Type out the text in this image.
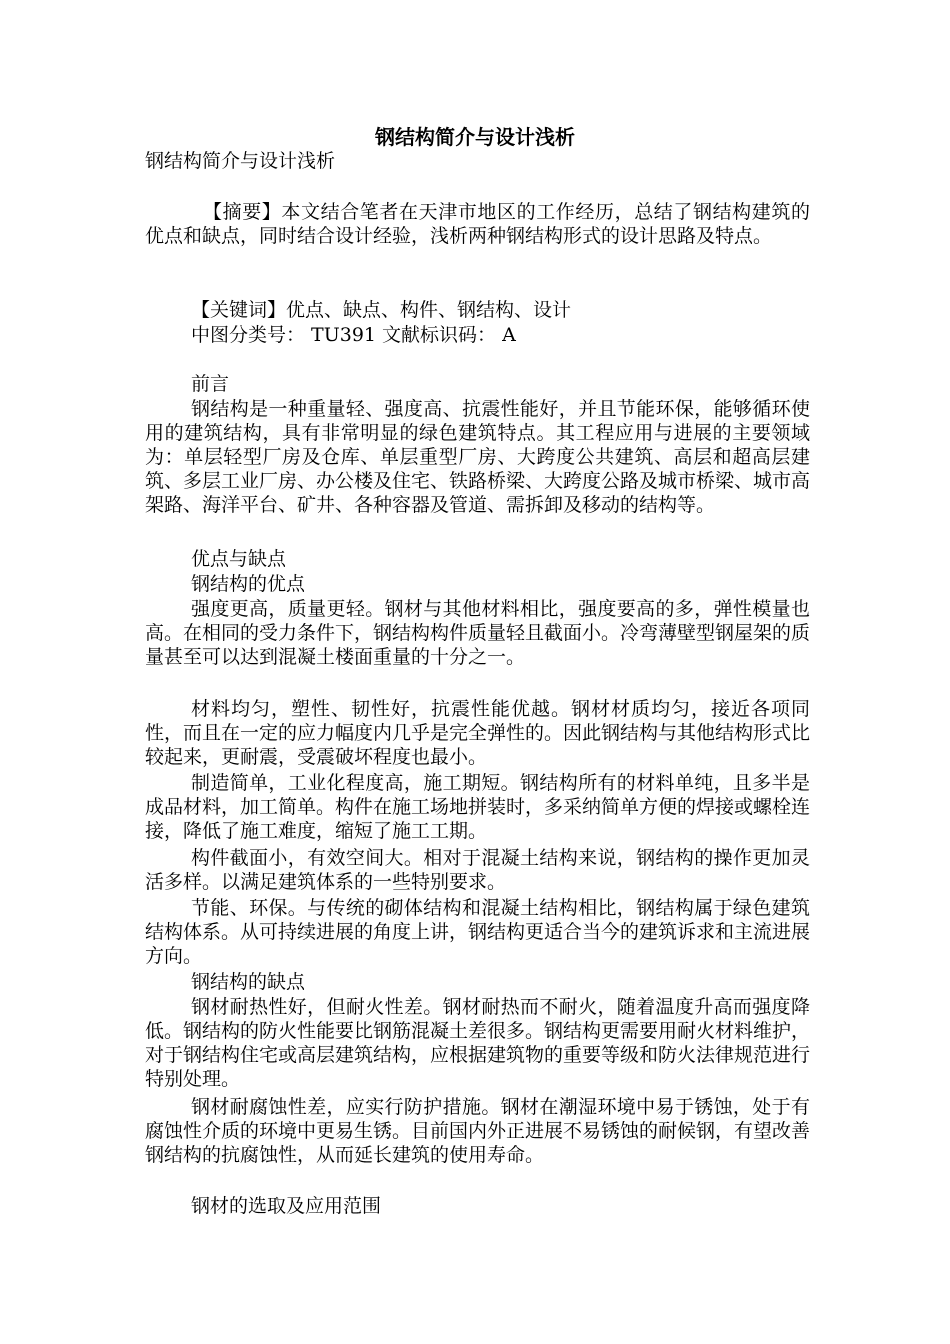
钢结构简介与设计浅析

钢结构简介与设计浅析

【摘要】本文结合笔者在天津市地区的工作经历，总结了钢结构建筑的优点和缺点，同时结合设计经验，浅析两种钢结构形式的设计思路及特点。

【关键词】优点、缺点、构件、钢结构、设计

中图分类号： TU391 文献标识码： A

前言

钢结构是一种重量轻、强度高、抗震性能好，并且节能环保，能够循环使用的建筑结构，具有非常明显的绿色建筑特点。其工程应用与进展的主要领域为：单层轻型厂房及仓库、单层重型厂房、大跨度公共建筑、高层和超高层建筑、多层工业厂房、办公楼及住宅、铁路桥梁、大跨度公路及城市桥梁、城市高架路、海洋平台、矿井、各种容器及管道、需拆卸及移动的结构等。

优点与缺点

钢结构的优点

强度更高，质量更轻。钢材与其他材料相比，强度要高的多，弹性模量也高。在相同的受力条件下，钢结构构件质量轻且截面小。冷弯薄壁型钢屋架的质量甚至可以达到混凝土楼面重量的十分之一。

材料均匀，塑性、韧性好，抗震性能优越。钢材材质均匀，接近各项同性，而且在一定的应力幅度内几乎是完全弹性的。因此钢结构与其他结构形式比较起来，更耐震，受震破坏程度也最小。

制造简单，工业化程度高，施工期短。钢结构所有的材料单纯，且多半是成品材料，加工简单。构件在施工场地拼装时，多采纳简单方便的焊接或螺栓连接，降低了施工难度，缩短了施工工期。

构件截面小，有效空间大。相对于混凝土结构来说，钢结构的操作更加灵活多样。以满足建筑体系的一些特别要求。

节能、环保。与传统的砌体结构和混凝土结构相比，钢结构属于绿色建筑结构体系。从可持续进展的角度上讲，钢结构更适合当今的建筑诉求和主流进展方向。

钢结构的缺点

钢材耐热性好，但耐火性差。钢材耐热而不耐火，随着温度升高而强度降低。钢结构的防火性能要比钢筋混凝土差很多。钢结构更需要用耐火材料维护，对于钢结构住宅或高层建筑结构，应根据建筑物的重要等级和防火法律规范进行特别处理。

钢材耐腐蚀性差，应实行防护措施。钢材在潮湿环境中易于锈蚀，处于有腐蚀性介质的环境中更易生锈。目前国内外正进展不易锈蚀的耐候钢，有望改善钢结构的抗腐蚀性，从而延长建筑的使用寿命。

钢材的选取及应用范围
